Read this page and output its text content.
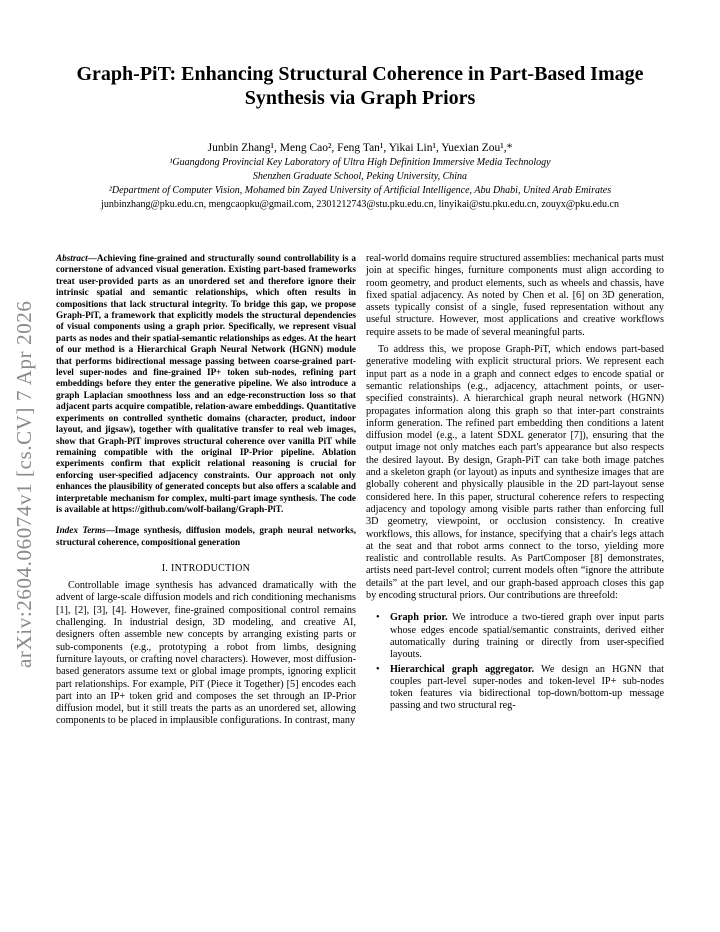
arXiv:2604.06074v1 [cs.CV] 7 Apr 2026
Graph-PiT: Enhancing Structural Coherence in Part-Based Image
Synthesis via Graph Priors
Junbin Zhang¹, Meng Cao², Feng Tan¹, Yikai Lin¹, Yuexian Zou¹,*
¹Guangdong Provincial Key Laboratory of Ultra High Definition Immersive Media Technology
Shenzhen Graduate School, Peking University, China
²Department of Computer Vision, Mohamed bin Zayed University of Artificial Intelligence, Abu Dhabi, United Arab Emirates
junbinzhang@pku.edu.cn, mengcaopku@gmail.com, 2301212743@stu.pku.edu.cn, linyikai@stu.pku.edu.cn, zouyx@pku.edu.cn
Abstract—Achieving fine-grained and structurally sound controllability is a cornerstone of advanced visual generation. Existing part-based frameworks treat user-provided parts as an unordered set and therefore ignore their intrinsic spatial and semantic relationships, which often results in compositions that lack structural integrity. To bridge this gap, we propose Graph-PiT, a framework that explicitly models the structural dependencies of visual components using a graph prior. Specifically, we represent visual parts as nodes and their spatial-semantic relationships as edges. At the heart of our method is a Hierarchical Graph Neural Network (HGNN) module that performs bidirectional message passing between coarse-grained part-level super-nodes and fine-grained IP+ token sub-nodes, refining part embeddings before they enter the generative pipeline. We also introduce a graph Laplacian smoothness loss and an edge-reconstruction loss so that adjacent parts acquire compatible, relation-aware embeddings. Quantitative experiments on controlled synthetic domains (character, product, indoor layout, and jigsaw), together with qualitative transfer to real web images, show that Graph-PiT improves structural coherence over vanilla PiT while remaining compatible with the original IP-Prior pipeline. Ablation experiments confirm that explicit relational reasoning is crucial for enforcing user-specified adjacency constraints. Our approach not only enhances the plausibility of generated concepts but also offers a scalable and interpretable mechanism for complex, multi-part image synthesis. The code is available at https://github.com/wolf-bailang/Graph-PiT.
Index Terms—Image synthesis, diffusion models, graph neural networks, structural coherence, compositional generation
I. INTRODUCTION

Controllable image synthesis has advanced dramatically with the advent of large-scale diffusion models and rich conditioning mechanisms [1], [2], [3], [4]. However, fine-grained compositional control remains challenging. In industrial design, 3D modeling, and creative AI, designers often assemble new concepts by arranging existing parts or sub-components (e.g., prototyping a robot from limbs, designing furniture layouts, or crafting novel characters). However, most diffusion-based generators assume text or global image prompts, ignoring explicit part relationships. For example, PiT (Piece it Together) [5] encodes each part into an IP+ token grid and composes the set through an IP-Prior diffusion model, but it still treats the parts as an unordered set, allowing components to be placed in implausible configurations. In contrast, many

real-world domains require structured assemblies: mechanical parts must join at specific hinges, furniture components must align according to room geometry, and product elements, such as wheels and chassis, have fixed spatial adjacency. As noted by Chen et al. [6] on 3D generation, assets typically consist of a single, fused representation without any useful structure. However, most applications and creative workflows require assets to be made of several meaningful parts.

To address this, we propose Graph-PiT, which endows part-based generative modeling with explicit structural priors. We represent each input part as a node in a graph and connect edges to encode spatial or semantic relationships (e.g., adjacency, attachment points, or user-specified constraints). A hierarchical graph neural network (HGNN) propagates information along this graph so that inter-part constraints inform generation. The refined part embedding then conditions a latent diffusion model (e.g., a latent SDXL generator [7]), ensuring that the output image not only matches each part's appearance but also respects the desired layout. By design, Graph-PiT can take both image patches and a skeleton graph (or layout) as inputs and synthesize images that are globally coherent and physically plausible in the 2D part-layout sense considered here. In this paper, structural coherence refers to respecting adjacency and topology among visible parts rather than enforcing full 3D geometry, viewpoint, or occlusion consistency. In creative workflows, this allows, for instance, specifying that a chair's legs attach at the seat and that robot arms connect to the torso, yielding more realistic and controllable results. As PartComposer [8] demonstrates, artists need part-level control; current models often “ignore the attribute details” at the part level, and our graph-based approach closes this gap by encoding structural priors. Our contributions are threefold:

• Graph prior. We introduce a two-tiered graph over input parts whose edges encode spatial/semantic constraints, derived either automatically during training or directly from user-specified layouts.
• Hierarchical graph aggregator. We design an HGNN that couples part-level super-nodes and token-level IP+ sub-nodes token features via bidirectional top-down/bottom-up message passing and two structural reg-
